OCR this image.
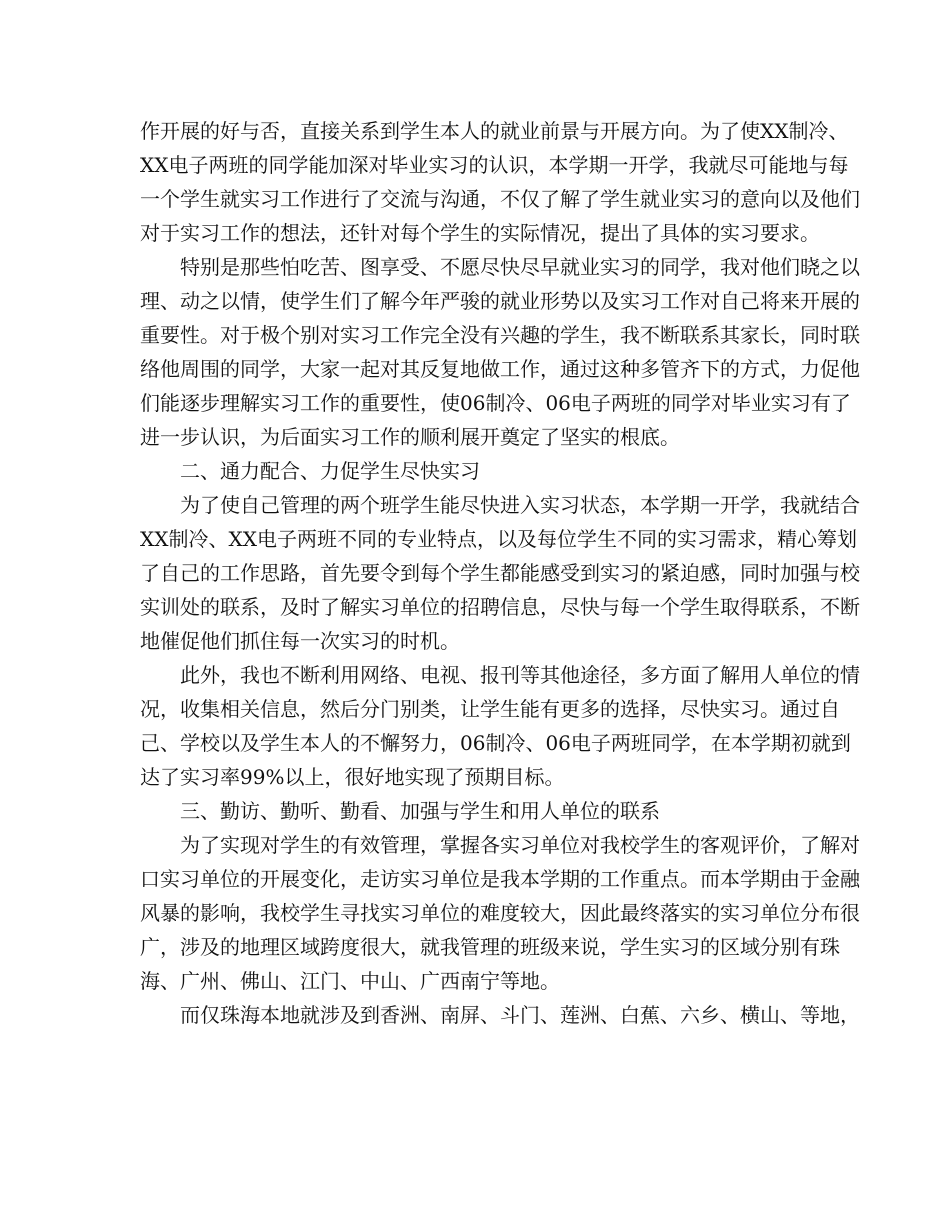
作开展的好与否，直接关系到学生本人的就业前景与开展方向。为了使XX制冷、
XX电子两班的同学能加深对毕业实习的认识，本学期一开学，我就尽可能地与每
一个学生就实习工作进行了交流与沟通，不仅了解了学生就业实习的意向以及他们
对于实习工作的想法，还针对每个学生的实际情况，提出了具体的实习要求。
特别是那些怕吃苦、图享受、不愿尽快尽早就业实习的同学，我对他们晓之以
理、动之以情，使学生们了解今年严骏的就业形势以及实习工作对自己将来开展的
重要性。对于极个别对实习工作完全没有兴趣的学生，我不断联系其家长，同时联
络他周围的同学，大家一起对其反复地做工作，通过这种多管齐下的方式，力促他
们能逐步理解实习工作的重要性，使06制冷、06电子两班的同学对毕业实习有了
进一步认识，为后面实习工作的顺利展开奠定了坚实的根底。
二、通力配合、力促学生尽快实习
为了使自己管理的两个班学生能尽快进入实习状态，本学期一开学，我就结合
XX制冷、XX电子两班不同的专业特点，以及每位学生不同的实习需求，精心筹划
了自己的工作思路，首先要令到每个学生都能感受到实习的紧迫感，同时加强与校
实训处的联系，及时了解实习单位的招聘信息，尽快与每一个学生取得联系，不断
地催促他们抓住每一次实习的时机。
此外，我也不断利用网络、电视、报刊等其他途径，多方面了解用人单位的情
况，收集相关信息，然后分门别类，让学生能有更多的选择，尽快实习。通过自
己、学校以及学生本人的不懈努力，06制冷、06电子两班同学，在本学期初就到
达了实习率99%以上，很好地实现了预期目标。
三、勤访、勤听、勤看、加强与学生和用人单位的联系
为了实现对学生的有效管理，掌握各实习单位对我校学生的客观评价，了解对
口实习单位的开展变化，走访实习单位是我本学期的工作重点。而本学期由于金融
风暴的影响，我校学生寻找实习单位的难度较大，因此最终落实的实习单位分布很
广，涉及的地理区域跨度很大，就我管理的班级来说，学生实习的区域分别有珠
海、广州、佛山、江门、中山、广西南宁等地。
而仅珠海本地就涉及到香洲、南屏、斗门、莲洲、白蕉、六乡、横山、等地，
